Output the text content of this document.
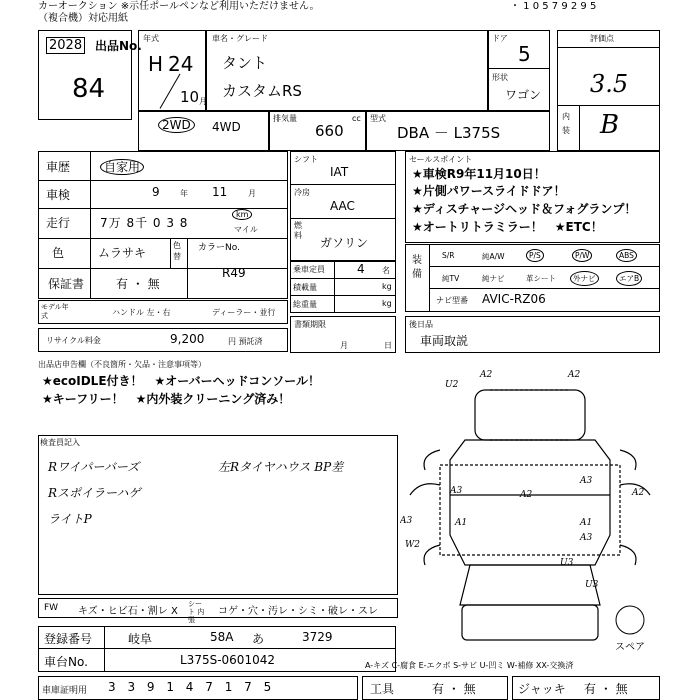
カーオークション ※示任ポールペンなど利用いただけません。	・ 1 0 5 7 9 2 9 5
（複合機）対応用紙
出品No.
2028
84
年式
H 24
10 月
車名・グレード
タント
カスタムRS
ドア
5
形状
ワゴン
2WD	4WD
排気量
660
cc 型式
DBA － L375S
評価点
3.5
内装 B
車歴	自家用
車検	9	年 11	月
走行 7万 8千 0 3 8
km
マイル
色	ムラサキ
色替
カラーNo.
R49
保証書	有 ・ 無
モデル年式	ハンドル 左・右	ディーラー・並行
リサイクル料金	9,200	円 預託済
シフト
IAT
冷房
AAC
燃料
ガソリン
乗車定員	4 名
積載量	kg
総重量	kg
書類期限
月	日
セールスポイント
★車検R9年11月10日！
★片側パワースライドドア！
★ディスチャージヘッド＆フォグランプ！
★オートリトラミラー！　★ETC！
装備
S/R	純A/W	P/S	P/W	ABS
純TV	純ナビ	革シート	外ナビ	エアB
ナビ型番 AVIC-RZ06
後日品
車両取説
出品店申告欄（不良箇所・欠品・注意事項等）
★ecoIDLE付き！　★オーバーヘッドコンソール！
★キーフリー！　★内外装クリーニング済み！
検査員記入
Rワイパーバーズ
Rスポイラーハゲ
ライトP
左Rタイヤハウス BP差
A2
U2
A2
A2
A3	A2
A3
A3	A1	A1
A3
W2
U3
U3
スペア
FW キズ・ヒビ石・割レ X
シート 内張
コゲ・穴・汚レ・シミ・破レ・スレ
登録番号	岐阜	58A あ	3729
車台No.	L375S-0601042
車庫証明用 3 3 9 1 4 7 1 7 5
A-キズ C-腐食 E-エクボ S-サビ U-凹ミ W-補修 XX-交換済
工具	有 ・ 無	ジャッキ 有 ・ 無
